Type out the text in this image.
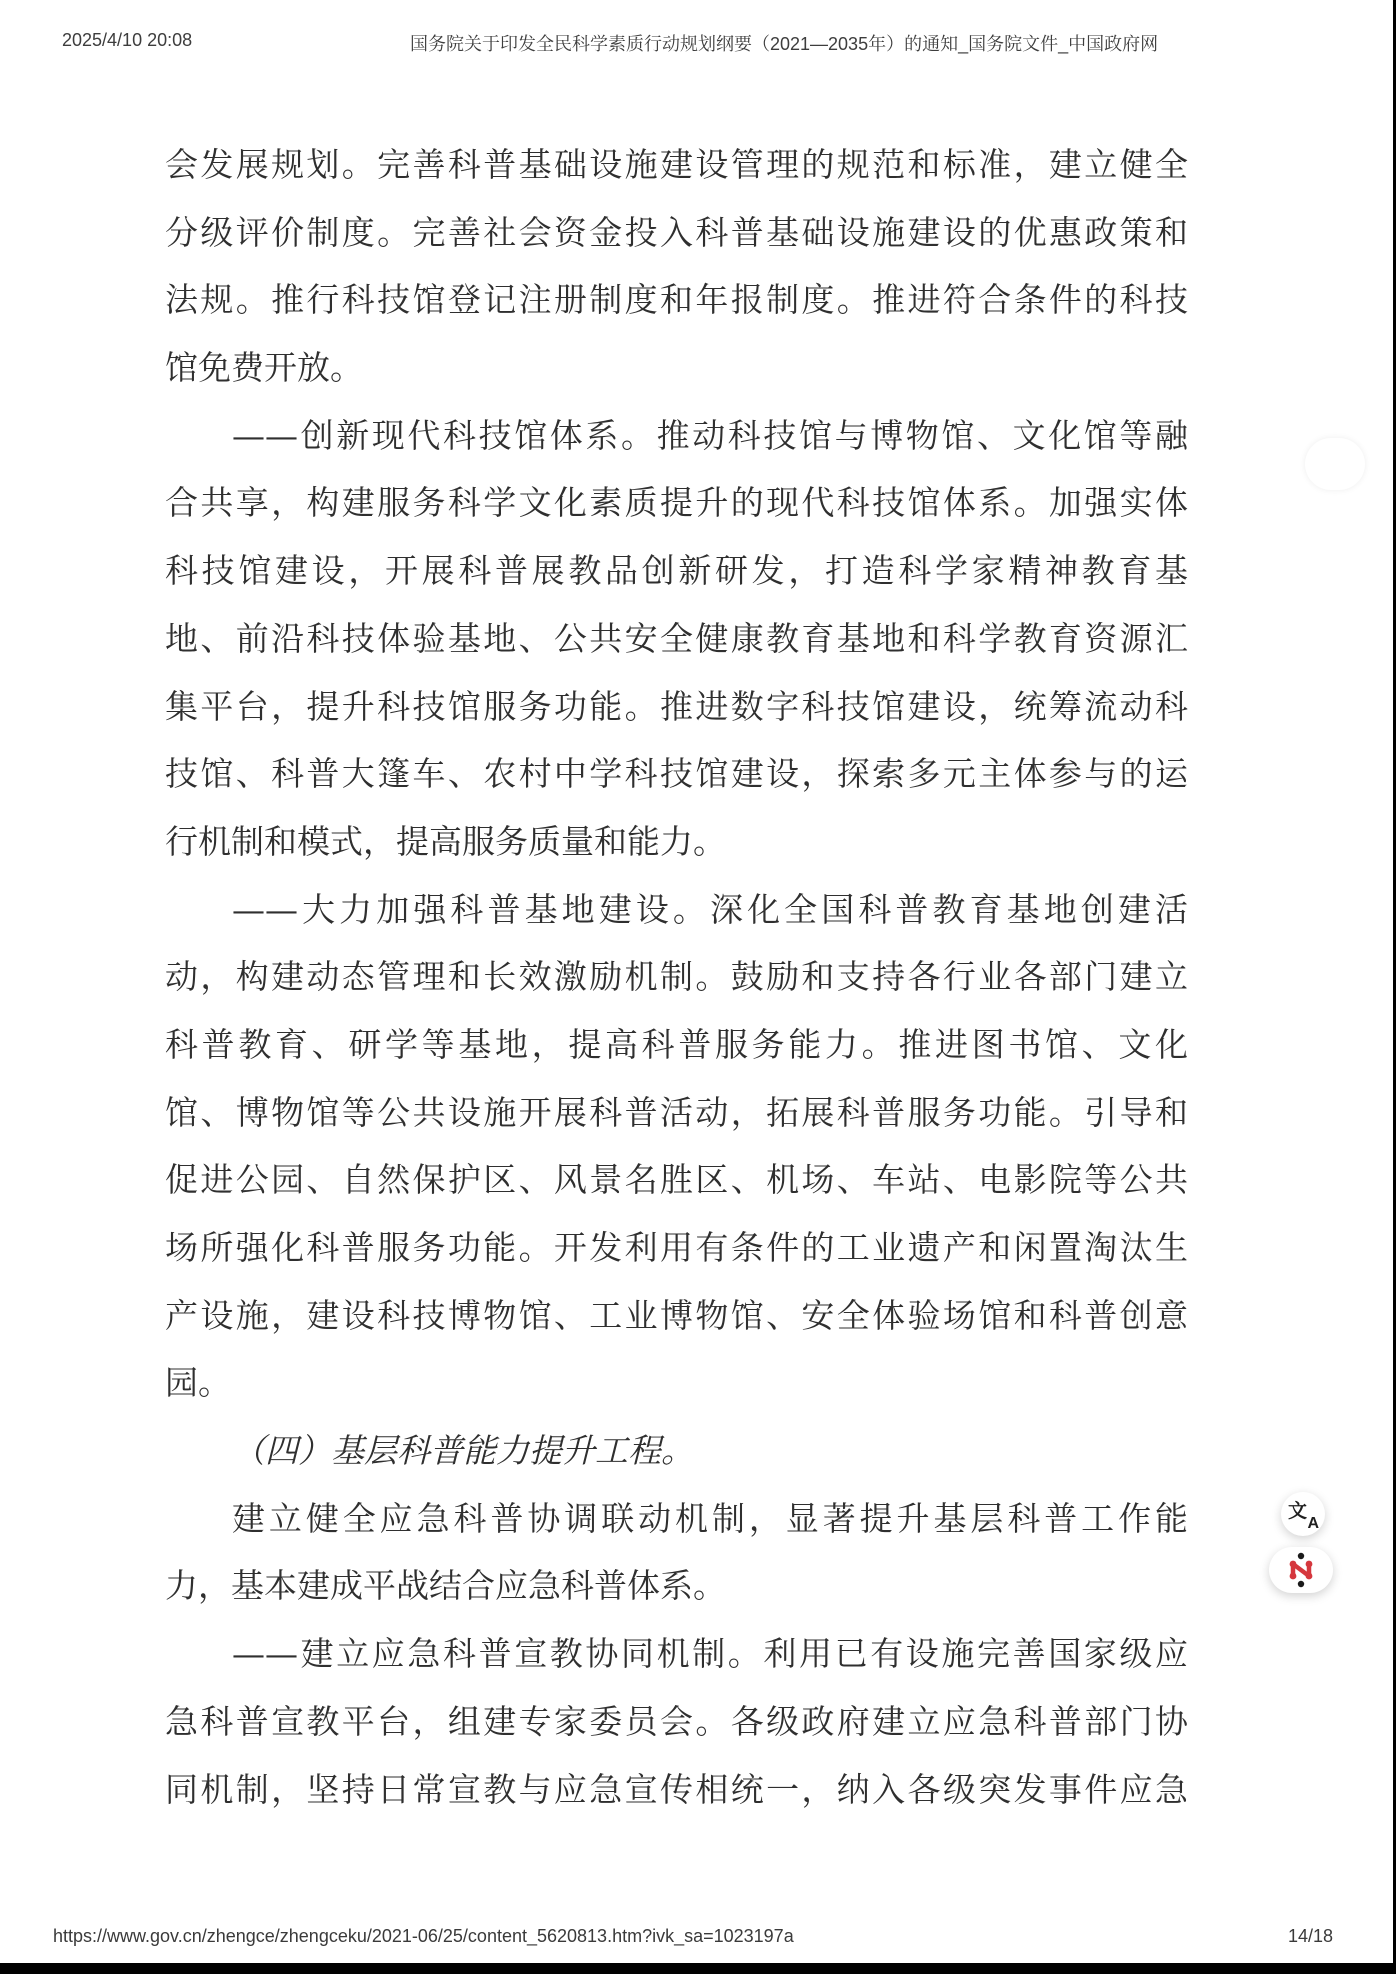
2025/4/10 20:08	国务院关于印发全民科学素质行动规划纲要（2021—2035年）的通知_国务院文件_中国政府网
会发展规划。完善科普基础设施建设管理的规范和标准，建立健全
分级评价制度。完善社会资金投入科普基础设施建设的优惠政策和
法规。推行科技馆登记注册制度和年报制度。推进符合条件的科技
馆免费开放。
——创新现代科技馆体系。推动科技馆与博物馆、文化馆等融
合共享，构建服务科学文化素质提升的现代科技馆体系。加强实体
科技馆建设，开展科普展教品创新研发，打造科学家精神教育基
地、前沿科技体验基地、公共安全健康教育基地和科学教育资源汇
集平台，提升科技馆服务功能。推进数字科技馆建设，统筹流动科
技馆、科普大篷车、农村中学科技馆建设，探索多元主体参与的运
行机制和模式，提高服务质量和能力。
——大力加强科普基地建设。深化全国科普教育基地创建活
动，构建动态管理和长效激励机制。鼓励和支持各行业各部门建立
科普教育、研学等基地，提高科普服务能力。推进图书馆、文化
馆、博物馆等公共设施开展科普活动，拓展科普服务功能。引导和
促进公园、自然保护区、风景名胜区、机场、车站、电影院等公共
场所强化科普服务功能。开发利用有条件的工业遗产和闲置淘汰生
产设施，建设科技博物馆、工业博物馆、安全体验场馆和科普创意
园。
（四）基层科普能力提升工程。
建立健全应急科普协调联动机制，显著提升基层科普工作能
力，基本建成平战结合应急科普体系。
——建立应急科普宣教协同机制。利用已有设施完善国家级应
急科普宣教平台，组建专家委员会。各级政府建立应急科普部门协
同机制，坚持日常宣教与应急宣传相统一，纳入各级突发事件应急
文
A
https://www.gov.cn/zhengce/zhengceku/2021-06/25/content_5620813.htm?ivk_sa=1023197a	14/18
